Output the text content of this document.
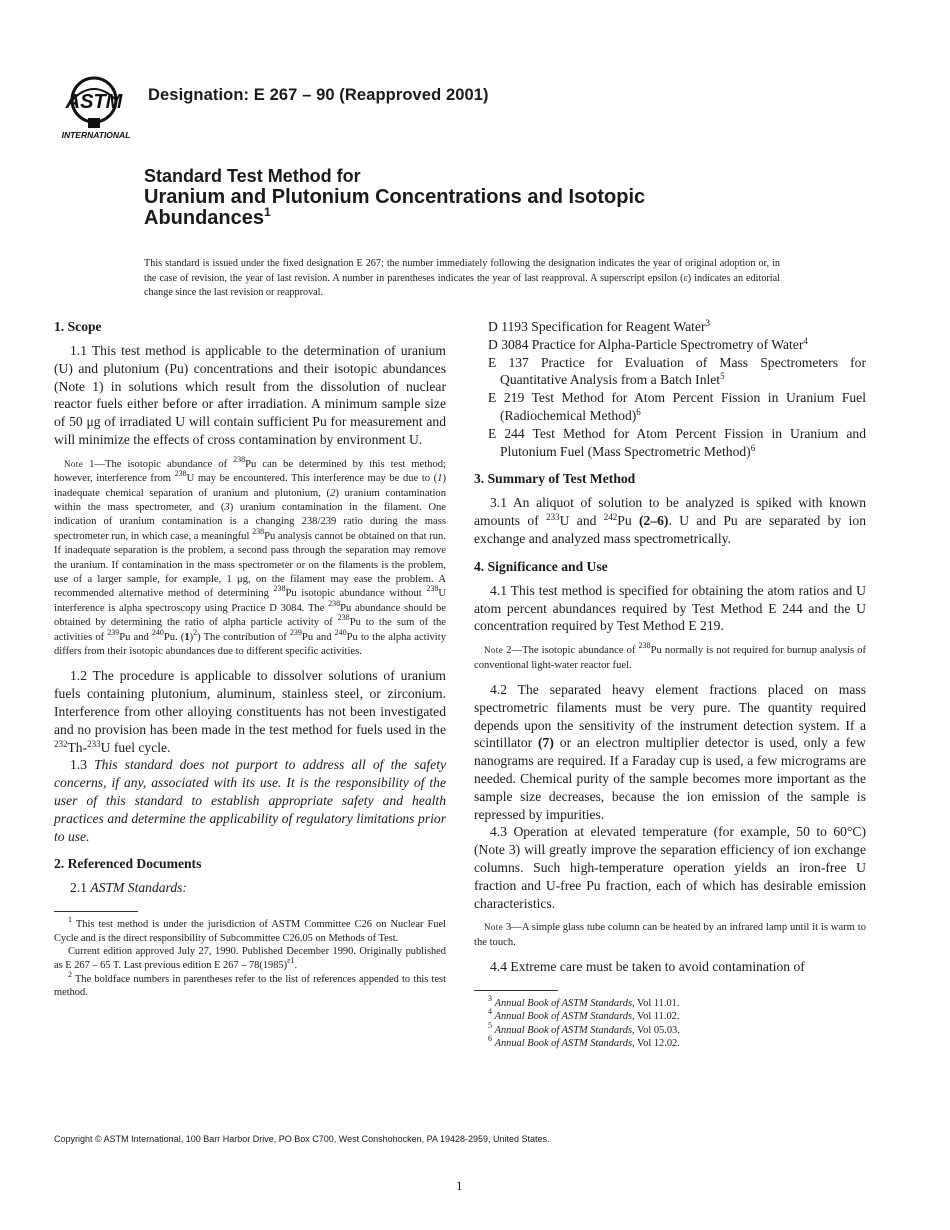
ASTM
INTERNATIONAL
Designation: E 267 – 90 (Reapproved 2001)
Standard Test Method for
Uranium and Plutonium Concentrations and Isotopic
Abundances$^1$
This standard is issued under the fixed designation E 267; the number immediately following the designation indicates the year of original adoption or, in the case of revision, the year of last revision. A number in parentheses indicates the year of last reapproval. A superscript epsilon (ε) indicates an editorial change since the last revision or reapproval.
1. Scope

1.1 This test method is applicable to the determination of uranium (U) and plutonium (Pu) concentrations and their isotopic abundances (Note 1) in solutions which result from the dissolution of nuclear reactor fuels either before or after irradiation. A minimum sample size of 50 μg of irradiated U will contain sufficient Pu for measurement and will minimize the effects of cross contamination by environment U.

Note 1—The isotopic abundance of $^{238}$Pu can be determined by this test method; however, interference from $^{238}$U may be encountered. This interference may be due to (1) inadequate chemical separation of uranium and plutonium, (2) uranium contamination within the mass spectrometer, and (3) uranium contamination in the filament. One indication of uranium contamination is a changing 238/239 ratio during the mass spectrometer run, in which case, a meaningful $^{238}$Pu analysis cannot be obtained on that run. If inadequate separation is the problem, a second pass through the separation may remove the uranium. If contamination in the mass spectrometer or on the filaments is the problem, use of a larger sample, for example, 1 μg, on the filament may ease the problem. A recommended alternative method of determining $^{238}$Pu isotopic abundance without $^{238}$U interference is alpha spectroscopy using Practice D 3084. The $^{238}$Pu abundance should be obtained by determining the ratio of alpha particle activity of $^{238}$Pu to the sum of the activities of $^{239}$Pu and $^{240}$Pu. $(1)^2$) The contribution of $^{239}$Pu and $^{240}$Pu to the alpha activity differs from their isotopic abundances due to different specific activities.

1.2 The procedure is applicable to dissolver solutions of uranium fuels containing plutonium, aluminum, stainless steel, or zirconium. Interference from other alloying constituents has not been investigated and no provision has been made in the test method for fuels used in the $^{232}$Th-$^{233}$U fuel cycle.

1.3 This standard does not purport to address all of the safety concerns, if any, associated with its use. It is the responsibility of the user of this standard to establish appropriate safety and health practices and determine the applicability of regulatory limitations prior to use.

2. Referenced Documents

2.1 ASTM Standards:

$^1$ This test method is under the jurisdiction of ASTM Committee C26 on Nuclear Fuel Cycle and is the direct responsibility of Subcommittee C26.05 on Methods of Test.

Current edition approved July 27, 1990. Published December 1990. Originally published as E 267 – 65 T. Last previous edition E $267 - 78(1985)^{\varepsilon 1}$.

$^2$ The boldface numbers in parentheses refer to the list of references appended to this test method.

D 1193 Specification for Reagent Water$^3$
D 3084 Practice for Alpha-Particle Spectrometry of Water$^4$
E 137 Practice for Evaluation of Mass Spectrometers for Quantitative Analysis from a Batch Inlet$^5$
E 219 Test Method for Atom Percent Fission in Uranium Fuel (Radiochemical Method)$^6$
E 244 Test Method for Atom Percent Fission in Uranium and Plutonium Fuel (Mass Spectrometric Method)$^6$
3. Summary of Test Method

3.1 An aliquot of solution to be analyzed is spiked with known amounts of $^{233}$U and $^{242}$Pu (2–6). U and Pu are separated by ion exchange and analyzed mass spectrometrically.

4. Significance and Use

4.1 This test method is specified for obtaining the atom ratios and U atom percent abundances required by Test Method E 244 and the U concentration required by Test Method E 219.

Note 2—The isotopic abundance of $^{238}$Pu normally is not required for burnup analysis of conventional light-water reactor fuel.

4.2 The separated heavy element fractions placed on mass spectrometric filaments must be very pure. The quantity required depends upon the sensitivity of the instrument detection system. If a scintillator (7) or an electron multiplier detector is used, only a few nanograms are required. If a Faraday cup is used, a few micrograms are needed. Chemical purity of the sample becomes more important as the sample size decreases, because the ion emission of the sample is repressed by impurities.

4.3 Operation at elevated temperature (for example, 50 to 60°C) (Note 3) will greatly improve the separation efficiency of ion exchange columns. Such high-temperature operation yields an iron-free U fraction and U-free Pu fraction, each of which has desirable emission characteristics.

Note 3—A simple glass tube column can be heated by an infrared lamp until it is warm to the touch.

4.4 Extreme care must be taken to avoid contamination of

$^3$ Annual Book of ASTM Standards, Vol 11.01.

$^4$ Annual Book of ASTM Standards, Vol 11.02.

$^5$ Annual Book of ASTM Standards, Vol 05.03.

$^6$ Annual Book of ASTM Standards, Vol 12.02.

Copyright © ASTM International, 100 Barr Harbor Drive, PO Box C700, West Conshohocken, PA 19428-2959, United States.
1
